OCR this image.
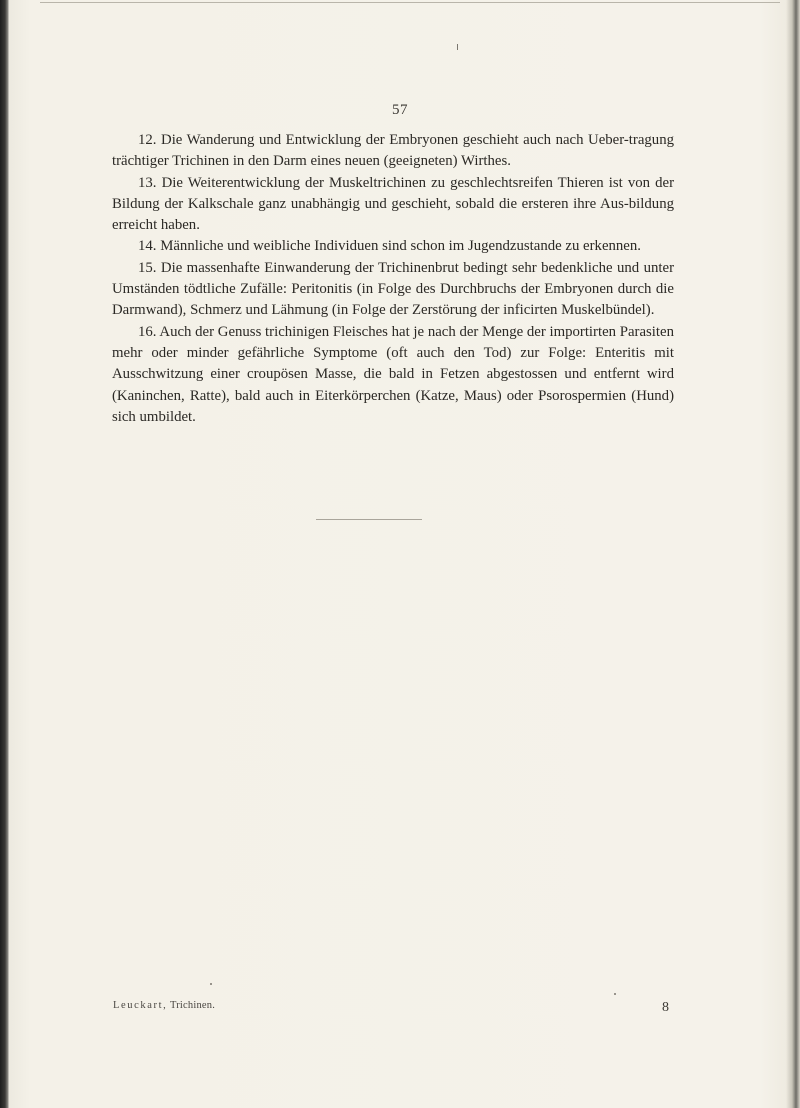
57

12. Die Wanderung und Entwicklung der Embryonen geschieht auch nach Ueber-tragung trächtiger Trichinen in den Darm eines neuen (geeigneten) Wirthes.

13. Die Weiterentwicklung der Muskeltrichinen zu geschlechtsreifen Thieren ist von der Bildung der Kalkschale ganz unabhängig und geschieht, sobald die ersteren ihre Aus-bildung erreicht haben.

14. Männliche und weibliche Individuen sind schon im Jugendzustande zu erkennen.

15. Die massenhafte Einwanderung der Trichinenbrut bedingt sehr bedenkliche und unter Umständen tödtliche Zufälle: Peritonitis (in Folge des Durchbruchs der Embryonen durch die Darmwand), Schmerz und Lähmung (in Folge der Zerstörung der inficirten Muskelbündel).

16. Auch der Genuss trichinigen Fleisches hat je nach der Menge der importirten Parasiten mehr oder minder gefährliche Symptome (oft auch den Tod) zur Folge: Enteritis mit Ausschwitzung einer croupösen Masse, die bald in Fetzen abgestossen und entfernt wird (Kaninchen, Ratte), bald auch in Eiterkörperchen (Katze, Maus) oder Psorospermien (Hund) sich umbildet.

Leuckart, Trichinen.	8
